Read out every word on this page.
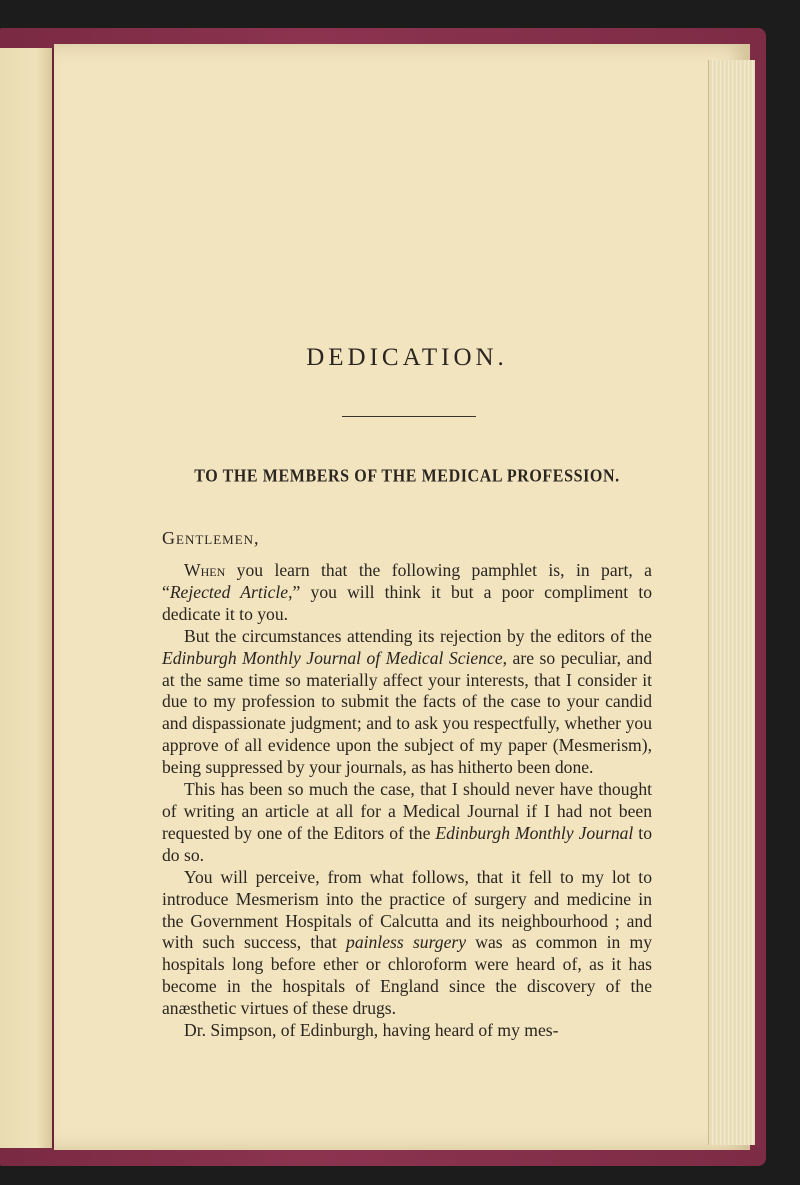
DEDICATION.
TO THE MEMBERS OF THE MEDICAL PROFESSION.
Gentlemen,

When you learn that the following pamphlet is, in part, a “Rejected Article,” you will think it but a poor compliment to dedicate it to you.

But the circumstances attending its rejection by the editors of the Edinburgh Monthly Journal of Medical Science, are so peculiar, and at the same time so materially affect your interests, that I consider it due to my profession to submit the facts of the case to your candid and dispassionate judgment; and to ask you respectfully, whether you approve of all evidence upon the subject of my paper (Mesmerism), being suppressed by your journals, as has hitherto been done.

This has been so much the case, that I should never have thought of writing an article at all for a Medical Journal if I had not been requested by one of the Editors of the Edinburgh Monthly Journal to do so.

You will perceive, from what follows, that it fell to my lot to introduce Mesmerism into the practice of surgery and medicine in the Government Hospitals of Calcutta and its neighbourhood ; and with such success, that painless surgery was as common in my hospitals long before ether or chloroform were heard of, as it has become in the hospitals of England since the discovery of the anæsthetic virtues of these drugs.

Dr. Simpson, of Edinburgh, having heard of my mes-
